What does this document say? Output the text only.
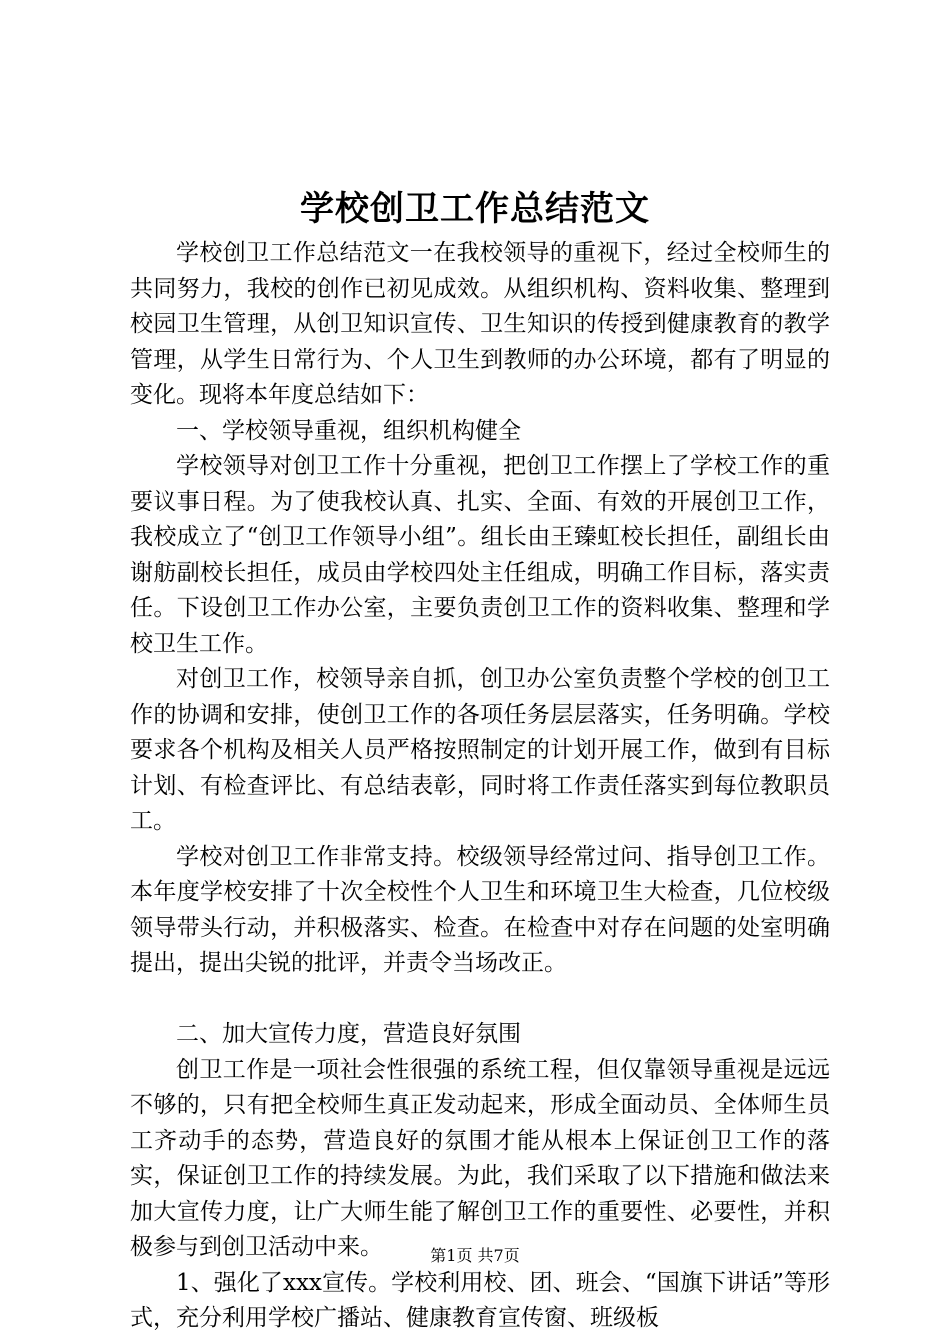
学校创卫工作总结范文

学校创卫工作总结范文一在我校领导的重视下，经过全校师生的共同努力，我校的创作已初见成效。从组织机构、资料收集、整理到校园卫生管理，从创卫知识宣传、卫生知识的传授到健康教育的教学管理，从学生日常行为、个人卫生到教师的办公环境，都有了明显的变化。现将本年度总结如下：

一、学校领导重视，组织机构健全

学校领导对创卫工作十分重视，把创卫工作摆上了学校工作的重要议事日程。为了使我校认真、扎实、全面、有效的开展创卫工作，我校成立了“创卫工作领导小组”。组长由王臻虹校长担任，副组长由谢舫副校长担任，成员由学校四处主任组成，明确工作目标，落实责任。下设创卫工作办公室，主要负责创卫工作的资料收集、整理和学校卫生工作。

对创卫工作，校领导亲自抓，创卫办公室负责整个学校的创卫工作的协调和安排，使创卫工作的各项任务层层落实，任务明确。学校要求各个机构及相关人员严格按照制定的计划开展工作，做到有目标计划、有检查评比、有总结表彰，同时将工作责任落实到每位教职员工。

学校对创卫工作非常支持。校级领导经常过问、指导创卫工作。本年度学校安排了十次全校性个人卫生和环境卫生大检查，几位校级领导带头行动，并积极落实、检查。在检查中对存在问题的处室明确提出，提出尖锐的批评，并责令当场改正。

二、加大宣传力度，营造良好氛围

创卫工作是一项社会性很强的系统工程，但仅靠领导重视是远远不够的，只有把全校师生真正发动起来，形成全面动员、全体师生员工齐动手的态势，营造良好的氛围才能从根本上保证创卫工作的落实，保证创卫工作的持续发展。为此，我们采取了以下措施和做法来加大宣传力度，让广大师生能了解创卫工作的重要性、必要性，并积极参与到创卫活动中来。

1、强化了xxx宣传。学校利用校、团、班会、“国旗下讲话”等形式，充分利用学校广播站、健康教育宣传窗、班级板

第1页 共7页
